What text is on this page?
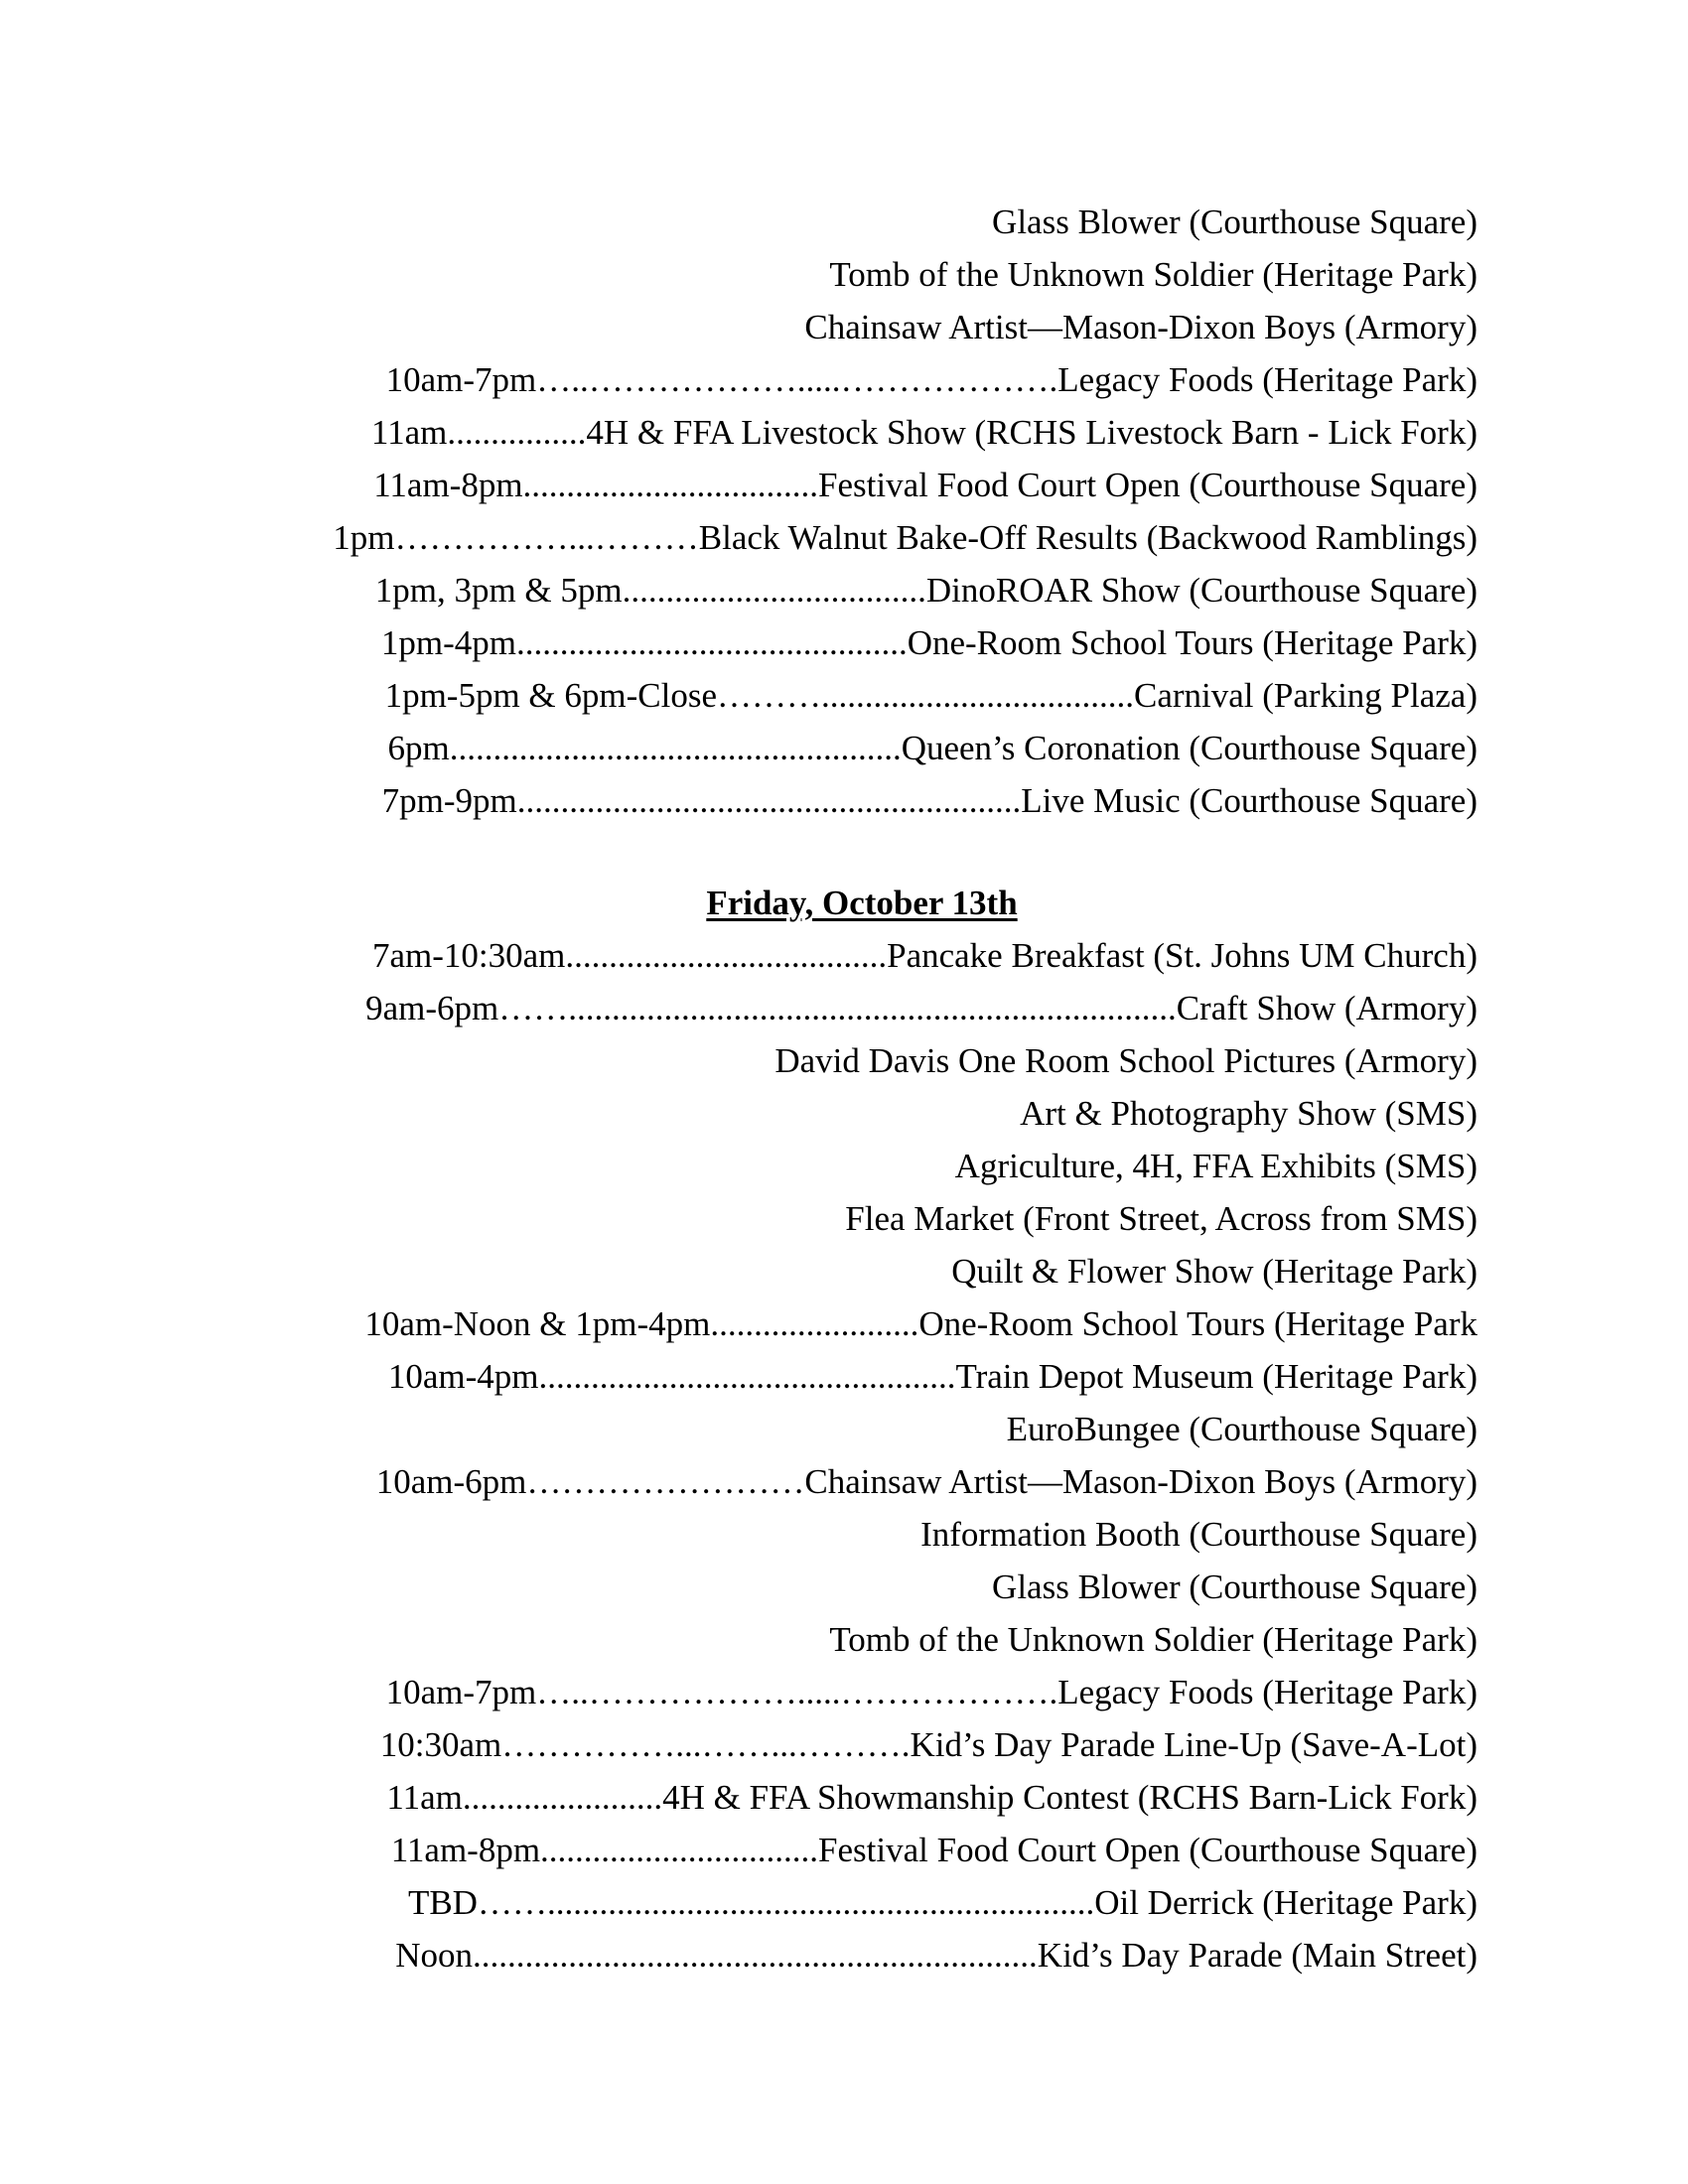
Glass Blower (Courthouse Square)
Tomb of the Unknown Soldier (Heritage Park)
Chainsaw Artist—Mason-Dixon Boys (Armory)
10am-7pm…..……………….....……………….Legacy Foods (Heritage Park)
11am................4H & FFA Livestock Show (RCHS Livestock Barn - Lick Fork)
11am-8pm..................................Festival Food Court Open (Courthouse Square)
1pm……………...………Black Walnut Bake-Off Results (Backwood Ramblings)
1pm, 3pm & 5pm...................................DinoROAR Show (Courthouse Square)
1pm-4pm.............................................One-Room School Tours (Heritage Park)
1pm-5pm & 6pm-Close………....................................Carnival (Parking Plaza)
6pm....................................................Queen’s Coronation (Courthouse Square)
7pm-9pm..........................................................Live Music (Courthouse Square)
Friday, October 13th
7am-10:30am.....................................Pancake Breakfast (St. Johns UM Church)
9am-6pm……......................................................................Craft Show (Armory)
David Davis One Room School Pictures (Armory)
Art & Photography Show (SMS)
Agriculture, 4H, FFA Exhibits (SMS)
Flea Market (Front Street, Across from SMS)
Quilt & Flower Show (Heritage Park)
10am-Noon & 1pm-4pm........................One-Room School Tours (Heritage Park
10am-4pm................................................Train Depot Museum (Heritage Park)
EuroBungee (Courthouse Square)
10am-6pm……………………Chainsaw Artist—Mason-Dixon Boys (Armory)
Information Booth (Courthouse Square)
Glass Blower (Courthouse Square)
Tomb of the Unknown Soldier (Heritage Park)
10am-7pm…..……………….....……………….Legacy Foods (Heritage Park)
10:30am……………...……...……….Kid’s Day Parade Line-Up (Save-A-Lot)
11am.......................4H & FFA Showmanship Contest (RCHS Barn-Lick Fork)
11am-8pm................................Festival Food Court Open (Courthouse Square)
TBD……...............................................................Oil Derrick (Heritage Park)
Noon.................................................................Kid’s Day Parade (Main Street)
